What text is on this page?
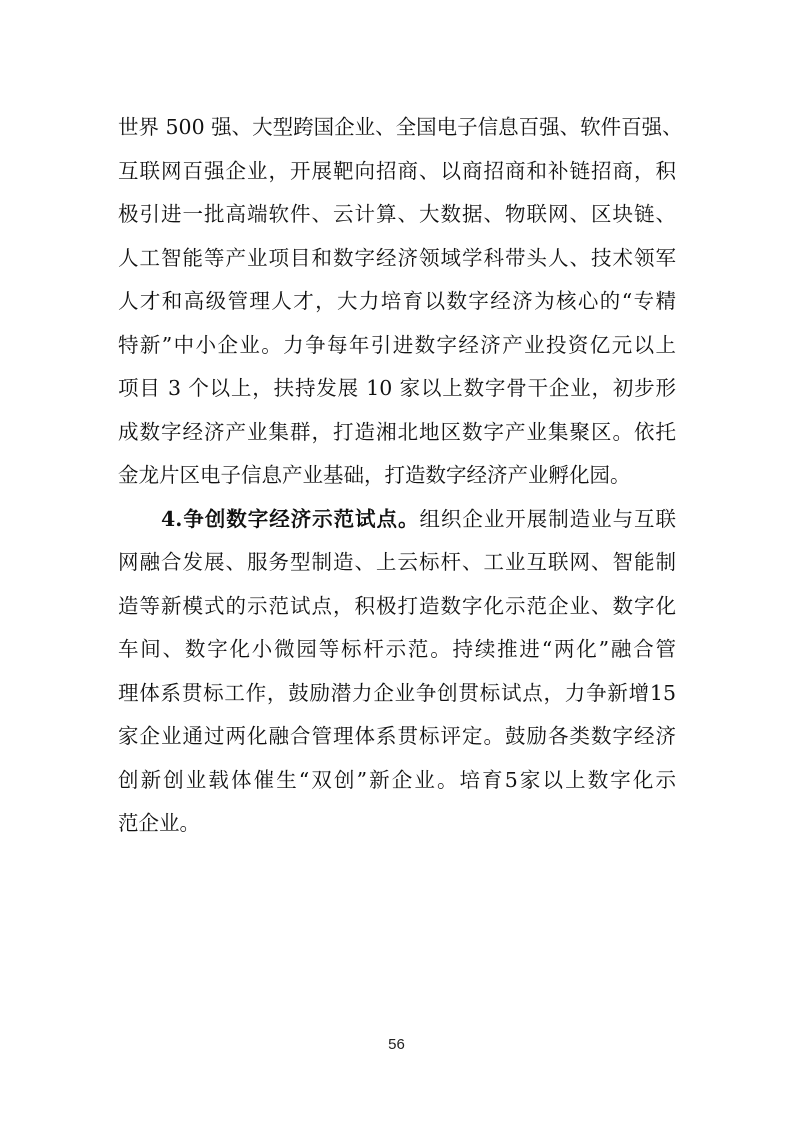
世界 500 强、大型跨国企业、全国电子信息百强、软件百强、
互联网百强企业，开展靶向招商、以商招商和补链招商，积
极引进一批高端软件、云计算、大数据、物联网、区块链、
人工智能等产业项目和数字经济领域学科带头人、技术领军
人才和高级管理人才，大力培育以数字经济为核心的“专精
特新”中小企业。力争每年引进数字经济产业投资亿元以上
项目 3 个以上，扶持发展 10 家以上数字骨干企业，初步形
成数字经济产业集群，打造湘北地区数字产业集聚区。依托
金龙片区电子信息产业基础，打造数字经济产业孵化园。
4.争创数字经济示范试点。组织企业开展制造业与互联
网融合发展、服务型制造、上云标杆、工业互联网、智能制
造等新模式的示范试点，积极打造数字化示范企业、数字化
车间、数字化小微园等标杆示范。持续推进“两化”融合管
理体系贯标工作，鼓励潜力企业争创贯标试点，力争新增15
家企业通过两化融合管理体系贯标评定。鼓励各类数字经济
创新创业载体催生“双创”新企业。培育5家以上数字化示
范企业。
56
